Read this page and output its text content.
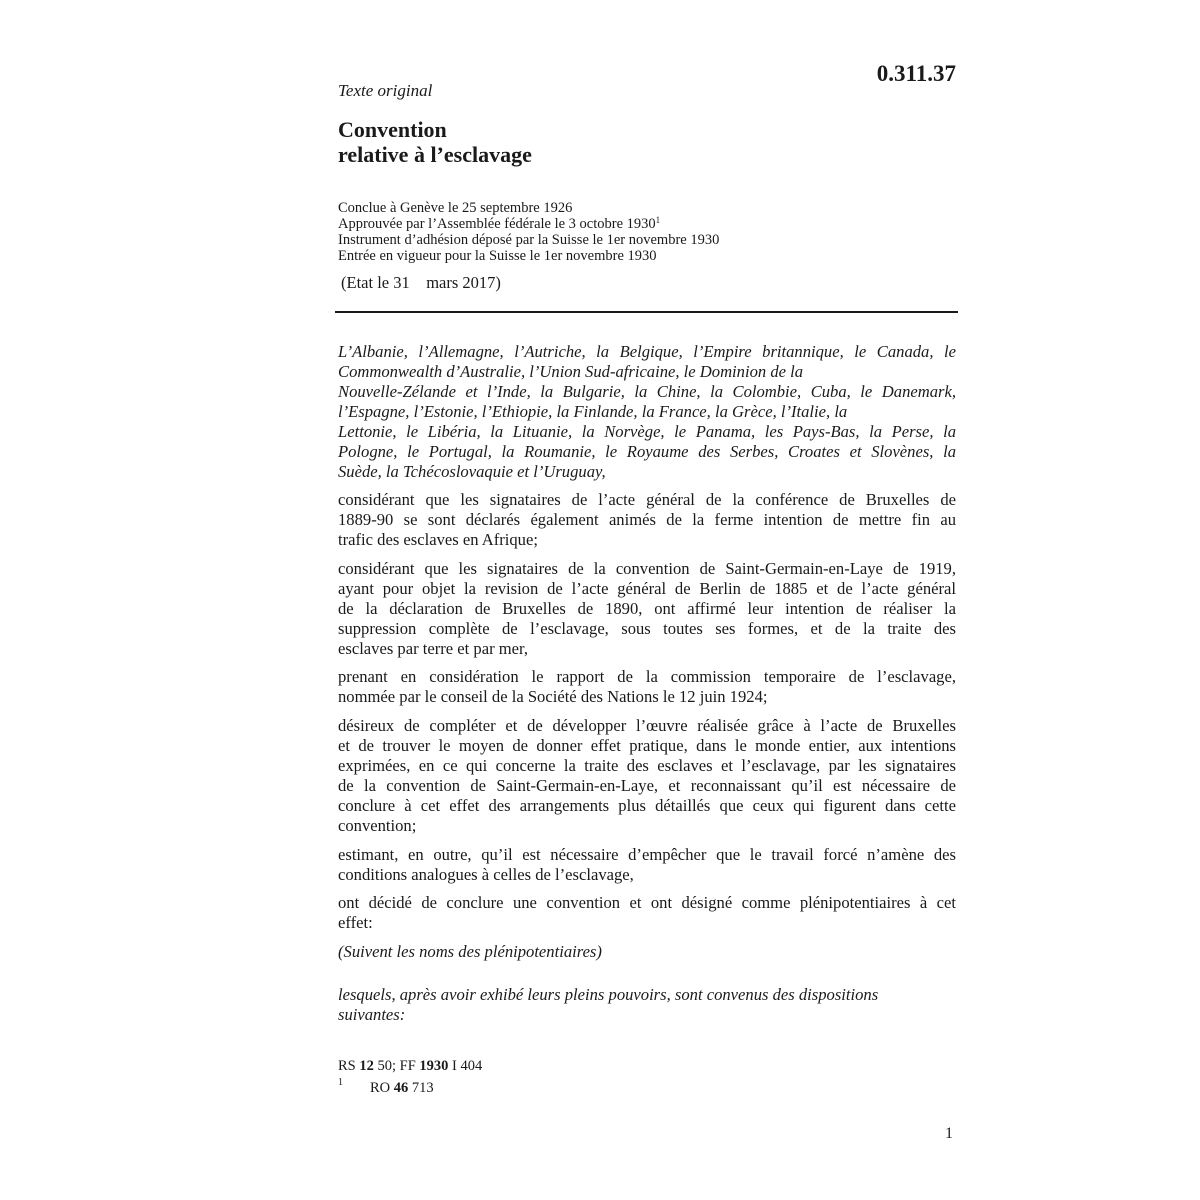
0.311.37
Texte original
Convention
relative à l’esclavage
Conclue à Genève le 25 septembre 1926
Approuvée par l’Assemblée fédérale le 3 octobre 1930$^1$
Instrument d’adhésion déposé par la Suisse le 1er novembre 1930
Entrée en vigueur pour la Suisse le 1er novembre 1930
(Etat le 31    mars 2017)
L’Albanie, l’Allemagne, l’Autriche, la Belgique, l’Empire britannique, le Canada, le
Commonwealth d’Australie, l’Union Sud-africaine, le Dominion de la
Nouvelle-Zélande et l’Inde, la Bulgarie, la Chine, la Colombie, Cuba, le Danemark,
l’Espagne, l’Estonie, l’Ethiopie, la Finlande, la France, la Grèce, l’Italie, la
Lettonie, le Libéria, la Lituanie, la Norvège, le Panama, les Pays-Bas, la Perse, la
Pologne, le Portugal, la Roumanie, le Royaume des Serbes, Croates et Slovènes, la
Suède, la Tchécoslovaquie et l’Uruguay,
considérant que les signataires de l’acte général de la conférence de Bruxelles de
1889-90 se sont déclarés également animés de la ferme intention de mettre fin au
trafic des esclaves en Afrique;
considérant que les signataires de la convention de Saint-Germain-en-Laye de 1919,
ayant pour objet la revision de l’acte général de Berlin de 1885 et de l’acte général
de la déclaration de Bruxelles de 1890, ont affirmé leur intention de réaliser la
suppression complète de l’esclavage, sous toutes ses formes, et de la traite des
esclaves par terre et par mer,
prenant en considération le rapport de la commission temporaire de l’esclavage,
nommée par le conseil de la Société des Nations le 12 juin 1924;
désireux de compléter et de développer l’œuvre réalisée grâce à l’acte de Bruxelles
et de trouver le moyen de donner effet pratique, dans le monde entier, aux intentions
exprimées, en ce qui concerne la traite des esclaves et l’esclavage, par les signataires
de la convention de Saint-Germain-en-Laye, et reconnaissant qu’il est nécessaire de
conclure à cet effet des arrangements plus détaillés que ceux qui figurent dans cette
convention;
estimant, en outre, qu’il est nécessaire d’empêcher que le travail forcé n’amène des
conditions analogues à celles de l’esclavage,
ont décidé de conclure une convention et ont désigné comme plénipotentiaires à cet
effet:
(Suivent les noms des plénipotentiaires)
lesquels, après avoir exhibé leurs pleins pouvoirs, sont convenus des dispositions
suivantes:
RS 12 50; FF 1930 I 404
1 RO 46 713
1
